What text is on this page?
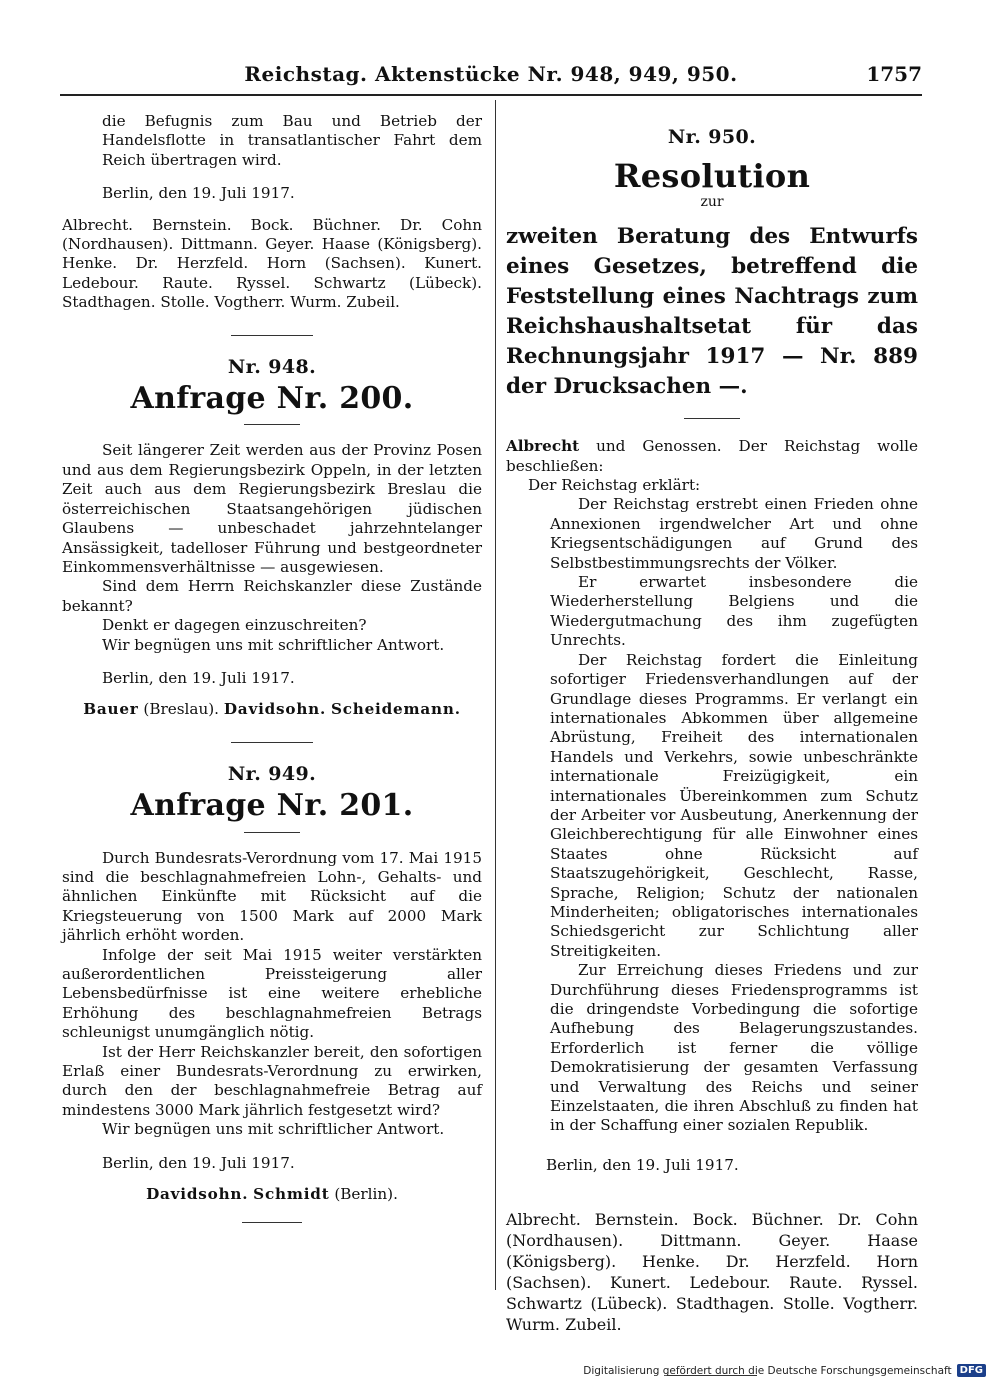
Reichstag. Aktenstücke Nr. 948, 949, 950.	1757

die Befugnis zum Bau und Betrieb der Handelsflotte in transatlantischer Fahrt dem Reich übertragen wird.

Berlin, den 19. Juli 1917.

Albrecht. Bernstein. Bock. Büchner. Dr. Cohn (Nordhausen). Dittmann. Geyer. Haase (Königsberg). Henke. Dr. Herzfeld. Horn (Sachsen). Kunert. Ledebour. Raute. Ryssel. Schwartz (Lübeck). Stadthagen. Stolle. Vogtherr. Wurm. Zubeil.

Nr. 948.
Anfrage Nr. 200.

Seit längerer Zeit werden aus der Provinz Posen und aus dem Regierungsbezirk Oppeln, in der letzten Zeit auch aus dem Regierungsbezirk Breslau die österreichischen Staatsangehörigen jüdischen Glaubens — unbeschadet jahrzehntelanger Ansässigkeit, tadelloser Führung und bestgeordneter Einkommensverhältnisse — ausgewiesen.

Sind dem Herrn Reichskanzler diese Zustände bekannt?

Denkt er dagegen einzuschreiten?

Wir begnügen uns mit schriftlicher Antwort.

Berlin, den 19. Juli 1917.

Bauer (Breslau). Davidsohn. Scheidemann.

Nr. 949.
Anfrage Nr. 201.

Durch Bundesrats-Verordnung vom 17. Mai 1915 sind die beschlagnahmefreien Lohn-, Gehalts- und ähnlichen Einkünfte mit Rücksicht auf die Kriegsteuerung von 1500 Mark auf 2000 Mark jährlich erhöht worden.

Infolge der seit Mai 1915 weiter verstärkten außerordentlichen Preissteigerung aller Lebensbedürfnisse ist eine weitere erhebliche Erhöhung des beschlagnahmefreien Betrags schleunigst unumgänglich nötig.

Ist der Herr Reichskanzler bereit, den sofortigen Erlaß einer Bundesrats-Verordnung zu erwirken, durch den der beschlagnahmefreie Betrag auf mindestens 3000 Mark jährlich festgesetzt wird?

Wir begnügen uns mit schriftlicher Antwort.

Berlin, den 19. Juli 1917.

Davidsohn. Schmidt (Berlin).

Nr. 950.
Resolution
zur

zweiten Beratung des Entwurfs eines Gesetzes, betreffend die Feststellung eines Nachtrags zum Reichshaushaltsetat für das Rechnungsjahr 1917 — Nr. 889 der Drucksachen —.

Albrecht und Genossen. Der Reichstag wolle beschließen:

Der Reichstag erklärt:

Der Reichstag erstrebt einen Frieden ohne Annexionen irgendwelcher Art und ohne Kriegsentschädigungen auf Grund des Selbstbestimmungsrechts der Völker.

Er erwartet insbesondere die Wiederherstellung Belgiens und die Wiedergutmachung des ihm zugefügten Unrechts.

Der Reichstag fordert die Einleitung sofortiger Friedensverhandlungen auf der Grundlage dieses Programms. Er verlangt ein internationales Abkommen über allgemeine Abrüstung, Freiheit des internationalen Handels und Verkehrs, sowie unbeschränkte internationale Freizügigkeit, ein internationales Übereinkommen zum Schutz der Arbeiter vor Ausbeutung, Anerkennung der Gleichberechtigung für alle Einwohner eines Staates ohne Rücksicht auf Staatszugehörigkeit, Geschlecht, Rasse, Sprache, Religion; Schutz der nationalen Minderheiten; obligatorisches internationales Schiedsgericht zur Schlichtung aller Streitigkeiten.

Zur Erreichung dieses Friedens und zur Durchführung dieses Friedensprogramms ist die dringendste Vorbedingung die sofortige Aufhebung des Belagerungszustandes. Erforderlich ist ferner die völlige Demokratisierung der gesamten Verfassung und Verwaltung des Reichs und seiner Einzelstaaten, die ihren Abschluß zu finden hat in der Schaffung einer sozialen Republik.

Berlin, den 19. Juli 1917.

Albrecht. Bernstein. Bock. Büchner. Dr. Cohn (Nordhausen). Dittmann. Geyer. Haase (Königsberg). Henke. Dr. Herzfeld. Horn (Sachsen). Kunert. Ledebour. Raute. Ryssel. Schwartz (Lübeck). Stadthagen. Stolle. Vogtherr. Wurm. Zubeil.

Digitalisierung gefördert durch die Deutsche Forschungsgemeinschaft DFG
